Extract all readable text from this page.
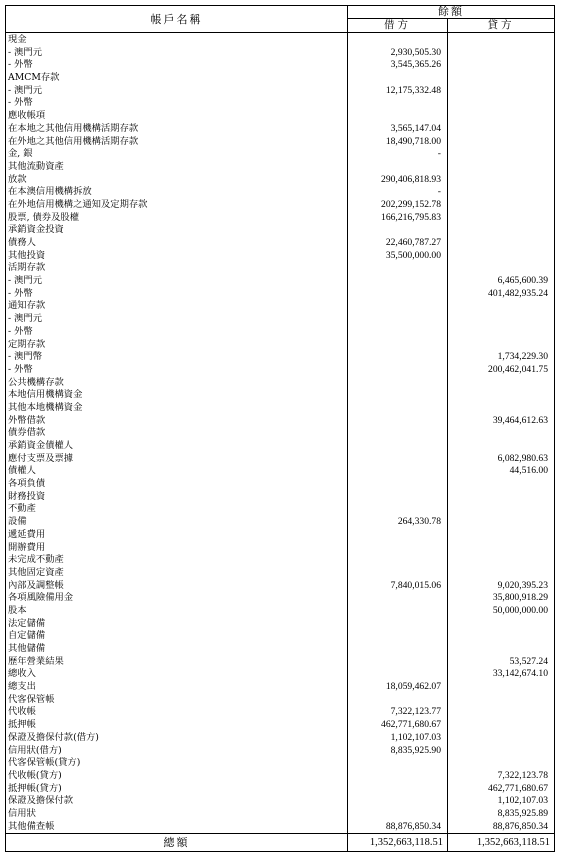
帳戶名稱	餘額	
	借方	貸方
現金		
- 澳門元	2,930,505.30	
- 外幣	3,545,365.26	
AMCM存款		
- 澳門元	12,175,332.48	
- 外幣		
應收帳項		
在本地之其他信用機構活期存款	3,565,147.04	
在外地之其他信用機構活期存款	18,490,718.00	
金, 銀	-	
其他流動資產		
放款	290,406,818.93	
在本澳信用機構拆放	-	
在外地信用機構之通知及定期存款	202,299,152.78	
股票, 債券及股權	166,216,795.83	
承銷資金投資		
債務人	22,460,787.27	
其他投資	35,500,000.00	
活期存款		
- 澳門元		6,465,600.39
- 外幣		401,482,935.24
通知存款		
- 澳門元		
- 外幣		
定期存款		
- 澳門幣		1,734,229.30
- 外幣		200,462,041.75
公共機構存款		
本地信用機構資金		
其他本地機構資金		
外幣借款		39,464,612.63
債券借款		
承銷資金債權人		
應付支票及票據		6,082,980.63
債權人		44,516.00
各項負債		
財務投資		
不動產		
設備	264,330.78	
遞延費用		
開辦費用		
未完成不動產		
其他固定資產		
內部及調整帳	7,840,015.06	9,020,395.23
各項風險備用金		35,800,918.29
股本		50,000,000.00
法定儲備		
自定儲備		
其他儲備		
歷年營業結果		53,527.24
總收入		33,142,674.10
總支出	18,059,462.07	
代客保管帳		
代收帳	7,322,123.77	
抵押帳	462,771,680.67	
保證及擔保付款(借方)	1,102,107.03	
信用狀(借方)	8,835,925.90	
代客保管帳(貸方)		
代收帳(貸方)		7,322,123.78
抵押帳(貸方)		462,771,680.67
保證及擔保付款		1,102,107.03
信用狀		8,835,925.89
其他備查帳	88,876,850.34	88,876,850.34
總額	1,352,663,118.51	1,352,663,118.51
